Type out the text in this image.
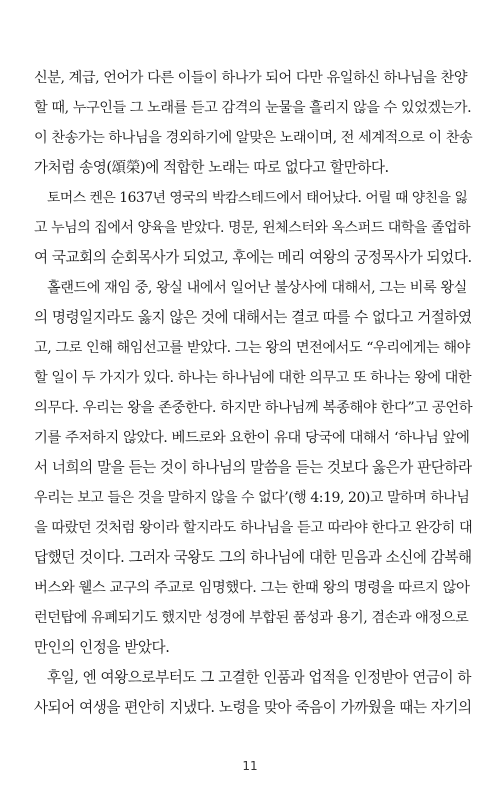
신분, 계급, 언어가 다른 이들이 하나가 되어 다만 유일하신 하나님을 찬양
할 때, 누구인들 그 노래를 듣고 감격의 눈물을 흘리지 않을 수 있었겠는가.
이 찬송가는 하나님을 경외하기에 알맞은 노래이며, 전 세계적으로 이 찬송
가처럼 송영(頌榮)에 적합한 노래는 따로 없다고 할만하다.
토머스 켄은 1637년 영국의 박캄스테드에서 태어났다. 어릴 때 양친을 잃
고 누님의 집에서 양육을 받았다. 명문, 윈체스터와 옥스퍼드 대학을 졸업하
여 국교회의 순회목사가 되었고, 후에는 메리 여왕의 궁정목사가 되었다.
홀랜드에 재임 중, 왕실 내에서 일어난 불상사에 대해서, 그는 비록 왕실
의 명령일지라도 옳지 않은 것에 대해서는 결코 따를 수 없다고 거절하였
고, 그로 인해 해임선고를 받았다. 그는 왕의 면전에서도 “우리에게는 해야
할 일이 두 가지가 있다. 하나는 하나님에 대한 의무고 또 하나는 왕에 대한
의무다. 우리는 왕을 존중한다. 하지만 하나님께 복종해야 한다”고 공언하
기를 주저하지 않았다. 베드로와 요한이 유대 당국에 대해서 ‘하나님 앞에
서 너희의 말을 듣는 것이 하나님의 말씀을 듣는 것보다 옳은가 판단하라
우리는 보고 들은 것을 말하지 않을 수 없다’(행 4:19, 20)고 말하며 하나님
을 따랐던 것처럼 왕이라 할지라도 하나님을 듣고 따라야 한다고 완강히 대
답했던 것이다. 그러자 국왕도 그의 하나님에 대한 믿음과 소신에 감복해
버스와 웰스 교구의 주교로 임명했다. 그는 한때 왕의 명령을 따르지 않아
런던탑에 유폐되기도 했지만 성경에 부합된 품성과 용기, 겸손과 애정으로
만인의 인정을 받았다.
후일, 엔 여왕으로부터도 그 고결한 인품과 업적을 인정받아 연금이 하
사되어 여생을 편안히 지냈다. 노령을 맞아 죽음이 가까웠을 때는 자기의
11
